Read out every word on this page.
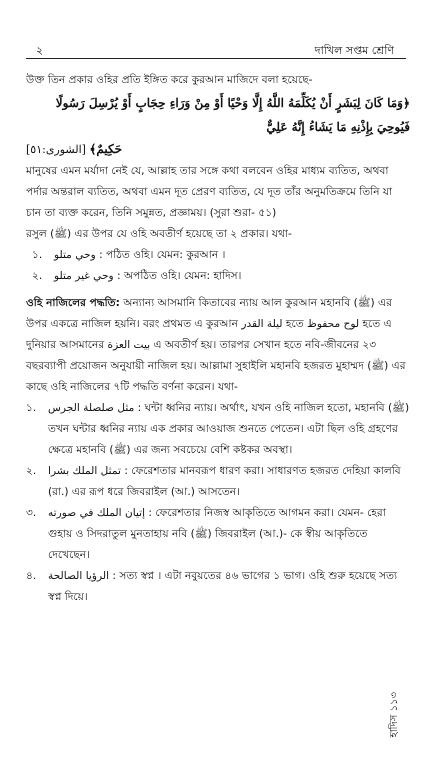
২	দাখিল সপ্তম শ্রেণি

উক্ত তিন প্রকার ওহির প্রতি ইঙ্গিত করে কুরআন মাজিদে বলা হয়েছে-

﴿وَمَا كَانَ لِبَشَرٍ أَنْ يُكَلِّمَهُ اللَّهُ إِلَّا وَحْيًا أَوْ مِنْ وَرَاءِ حِجَابٍ أَوْ يُرْسِلَ رَسُولًا فَيُوحِيَ بِإِذْنِهِ مَا يَشَاءُ إِنَّهُ عَلِيٌّ

حَكِيمٌ﴾ [الشورى:٥١]

মানুষের এমন মর্যাদা নেই যে, আল্লাহ তার সঙ্গে কথা বলবেন ওহির মাধ্যম ব্যতিত, অথবা পর্দার অন্তরাল ব্যতিত, অথবা এমন দূত প্রেরণ ব্যতিত, যে দূত তাঁর অনুমতিক্রমে তিনি যা চান তা ব্যক্ত করেন, তিনি সমুন্নত, প্রজ্ঞাময়। (সুরা শুরা- ৫১)

রসুল (ﷺ) এর উপর যে ওহি অবতীর্ণ হয়েছে তা ২ প্রকার। যথা-

১.	وحي متلو : পঠিত ওহি। যেমন: কুরআন ।
২.	وحي غير متلو : অপঠিত ওহি। যেমন: হাদিস।

ওহি নাজিলের পদ্ধতি: অন্যান্য আসমানি কিতাবের ন্যায় আল কুরআন মহানবি (ﷺ) এর উপর একত্রে নাজিল হয়নি। বরং প্রথমত এ কুরআন ليلة القدر হতে لوح محفوظ হতে এ দুনিয়ার আসমানের بيت العزة এ অবতীর্ণ হয়। তারপর সেখান হতে নবি-জীবনের ২৩ বছরব্যাপী প্রয়োজন অনুযায়ী নাজিল হয়। আল্লামা সুহাইলি মহানবি হজরত মুহাম্মদ (ﷺ) এর কাছে ওহি নাজিলের ৭টি পদ্ধতি বর্ণনা করেন। যথা-

১.	مثل صلصلة الجرس : ঘন্টা ধ্বনির ন্যায়। অর্থাৎ, যখন ওহি নাজিল হতো, মহানবি (ﷺ) তখন ঘন্টার ধ্বনির ন্যায় এক প্রকার আওয়াজ শুনতে পেতেন। এটা ছিল ওহি গ্রহণের ক্ষেত্রে মহানবি (ﷺ) এর জন্য সবচেয়ে বেশি কষ্টকর অবস্থা।
২.	تمثل الملك بشرا : ফেরেশতার মানবরূপ ধারণ করা। সাধারণত হজরত দেহিয়া কালবি (রা.) এর রূপ ধরে জিবরাইল (আ.) আসতেন।
৩.	إتيان الملك في صورته : ফেরেশতার নিজস্ব আকৃতিতে আগমন করা। যেমন- হেরা গুহায় ও সিদরাতুল মুনতাহায় নবি (ﷺ) জিবরাইল (আ.)- কে স্বীয় আকৃতিতে দেখেছেন।
৪.	الرؤيا الصالحة : সত্য স্বপ্ন । এটা নবুয়তের ৪৬ ভাগের ১ ভাগ। ওহি শুরু হয়েছে সত্য স্বপ্ন দিয়ে।
হাদিস ১১৩
